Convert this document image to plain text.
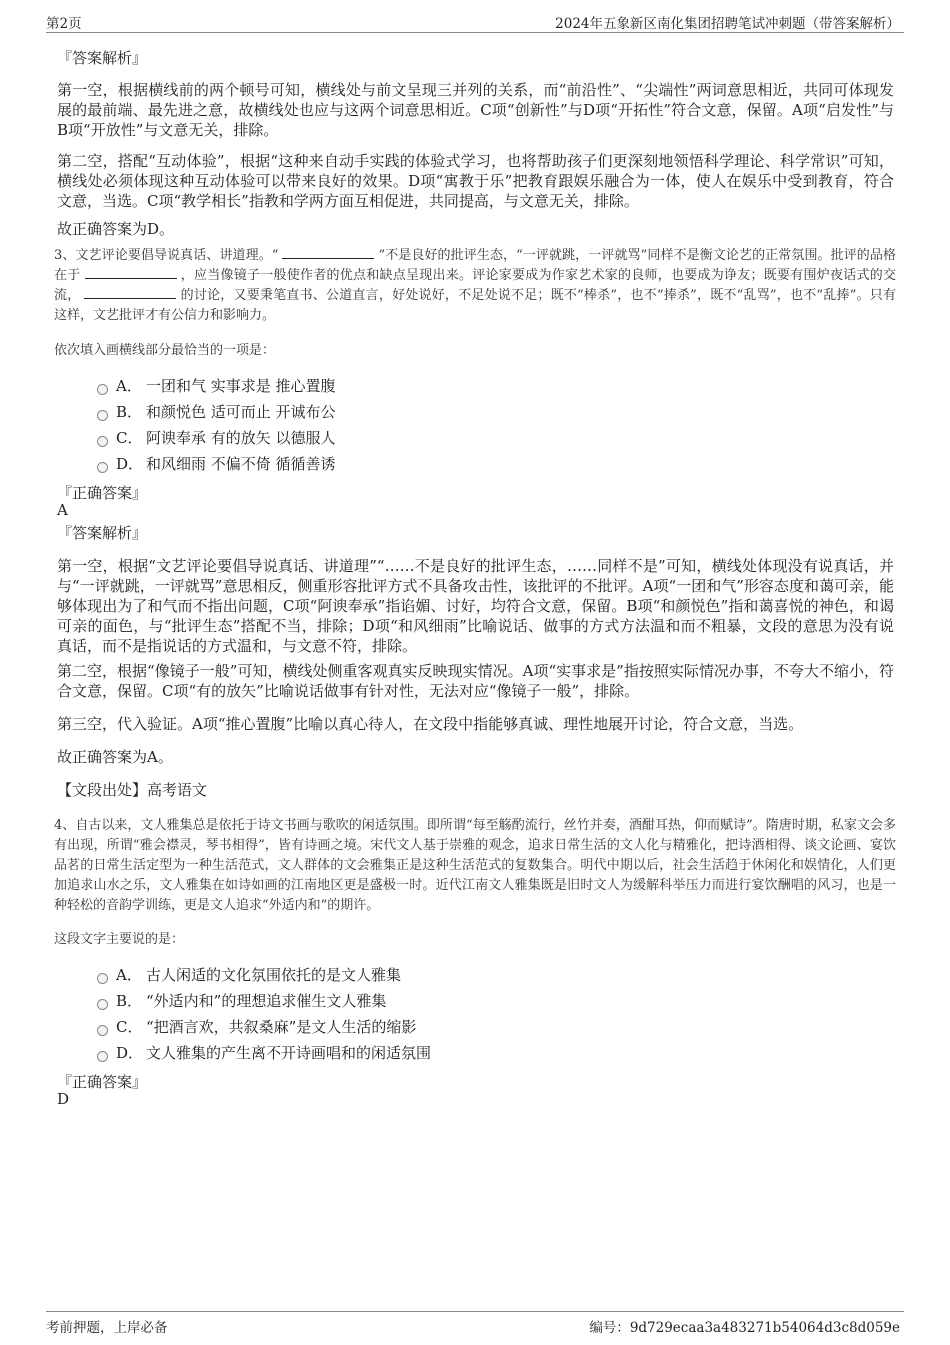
第2页	2024年五象新区南化集团招聘笔试冲刺题（带答案解析）

『答案解析』

第一空，根据横线前的两个顿号可知，横线处与前文呈现三并列的关系，而“前沿性”、“尖端性”两词意思相近，共同可体现发展的最前端、最先进之意，故横线处也应与这两个词意思相近。C项“创新性”与D项“开拓性”符合文意，保留。A项“启发性”与B项“开放性”与文意无关，排除。

第二空，搭配“互动体验”，根据“这种来自动手实践的体验式学习，也将帮助孩子们更深刻地领悟科学理论、科学常识”可知，横线处必须体现这种互动体验可以带来良好的效果。D项“寓教于乐”把教育跟娱乐融合为一体，使人在娱乐中受到教育，符合文意，当选。C项“教学相长”指教和学两方面互相促进，共同提高，与文意无关，排除。

故正确答案为D。

3、文艺评论要倡导说真话、讲道理。“	”不是良好的批评生态，“一评就跳，一评就骂”同样不是衡文论艺的正常氛围。批评的品格在于	，应当像镜子一般使作者的优点和缺点呈现出来。评论家要成为作家艺术家的良师，也要成为诤友；既要有围炉夜话式的交流，	的讨论，又要秉笔直书、公道直言，好处说好，不足处说不足；既不“棒杀”，也不“捧杀”，既不“乱骂”，也不“乱捧”。只有这样，文艺批评才有公信力和影响力。

依次填入画横线部分最恰当的一项是：

A． 一团和气 实事求是 推心置腹
B． 和颜悦色 适可而止 开诚布公
C． 阿谀奉承 有的放矢 以德服人
D． 和风细雨 不偏不倚 循循善诱
『正确答案』
A
『答案解析』

第一空，根据“文艺评论要倡导说真话、讲道理”“……不是良好的批评生态，……同样不是”可知，横线处体现没有说真话，并与“一评就跳，一评就骂”意思相反，侧重形容批评方式不具备攻击性，该批评的不批评。A项“一团和气”形容态度和蔼可亲，能够体现出为了和气而不指出问题，C项“阿谀奉承”指谄媚、讨好，均符合文意，保留。B项“和颜悦色”指和蔼喜悦的神色，和谒可亲的面色，与“批评生态”搭配不当，排除；D项“和风细雨”比喻说话、做事的方式方法温和而不粗暴，文段的意思为没有说真话，而不是指说话的方式温和，与文意不符，排除。

第二空，根据“像镜子一般”可知，横线处侧重客观真实反映现实情况。A项“实事求是”指按照实际情况办事，不夸大不缩小，符合文意，保留。C项“有的放矢”比喻说话做事有针对性，无法对应“像镜子一般”，排除。

第三空，代入验证。A项“推心置腹”比喻以真心待人，在文段中指能够真诚、理性地展开讨论，符合文意，当选。

故正确答案为A。

【文段出处】高考语文

4、自古以来，文人雅集总是依托于诗文书画与歌吹的闲适氛围。即所谓“每至觞酌流行，丝竹并奏，酒酣耳热，仰而赋诗”。隋唐时期，私家文会多有出现，所谓“雅会襟灵，琴书相得”，皆有诗画之境。宋代文人基于崇雅的观念，追求日常生活的文人化与精雅化，把诗酒相得、谈文论画、宴饮品茗的日常生活定型为一种生活范式，文人群体的文会雅集正是这种生活范式的复数集合。明代中期以后，社会生活趋于休闲化和娱情化，人们更加追求山水之乐，文人雅集在如诗如画的江南地区更是盛极一时。近代江南文人雅集既是旧时文人为缓解科举压力而进行宴饮酬唱的风习，也是一种轻松的音韵学训练，更是文人追求“外适内和”的期许。

这段文字主要说的是：

A． 古人闲适的文化氛围依托的是文人雅集
B． “外适内和”的理想追求催生文人雅集
C． “把酒言欢，共叙桑麻”是文人生活的缩影
D． 文人雅集的产生离不开诗画唱和的闲适氛围
『正确答案』
D
考前押题，上岸必备	编号：9d729ecaa3a483271b54064d3c8d059e
